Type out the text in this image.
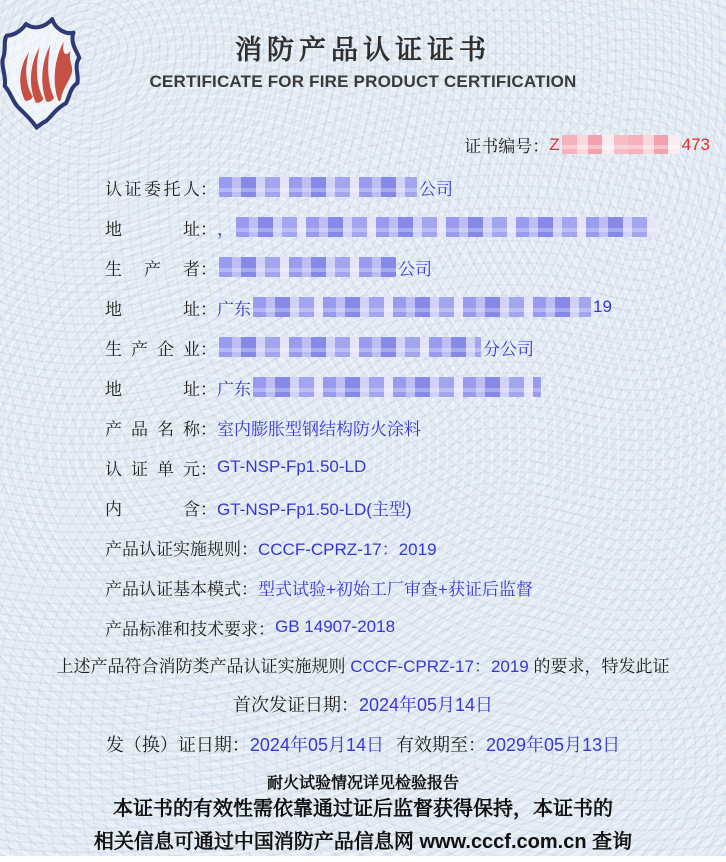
消防产品认证证书
CERTIFICATE FOR FIRE PRODUCT CERTIFICATION
证书编号 ： Z	473
认 证 委 托 人 ：	公司
地	址 ： ，
生 产 者 ：	公司
地	址 ： 广东	19
生 产 企 业 ：	分公司
地	址 ： 广东
产 品 名 称 ： 室内膨胀型钢结构防火涂料
认 证 单 元 ： GT-NSP-Fp1.50-LD
内	含 ： GT-NSP-Fp1.50-LD(主型)
产 品 认 证 实 施 规 则 ： CCCF-CPRZ-17：2019
产 品 认 证 基 本 模 式 ： 型式试验+初始工厂审查+获证后监督
产 品 标 准 和 技 术 要 求 ： GB 14907-2018
上述产品符合消防类产品认证实施规则 CCCF-CPRZ-17：2019 的要求，特发此证
首次发证日期：2024年05月14日
发（换）证日期：2024年05月14日 有效期至：2029年05月13日
耐火试验情况详见检验报告
本证书的有效性需依靠通过证后监督获得保持，本证书的
相关信息可通过中国消防产品信息网 www.cccf.com.cn 查询
